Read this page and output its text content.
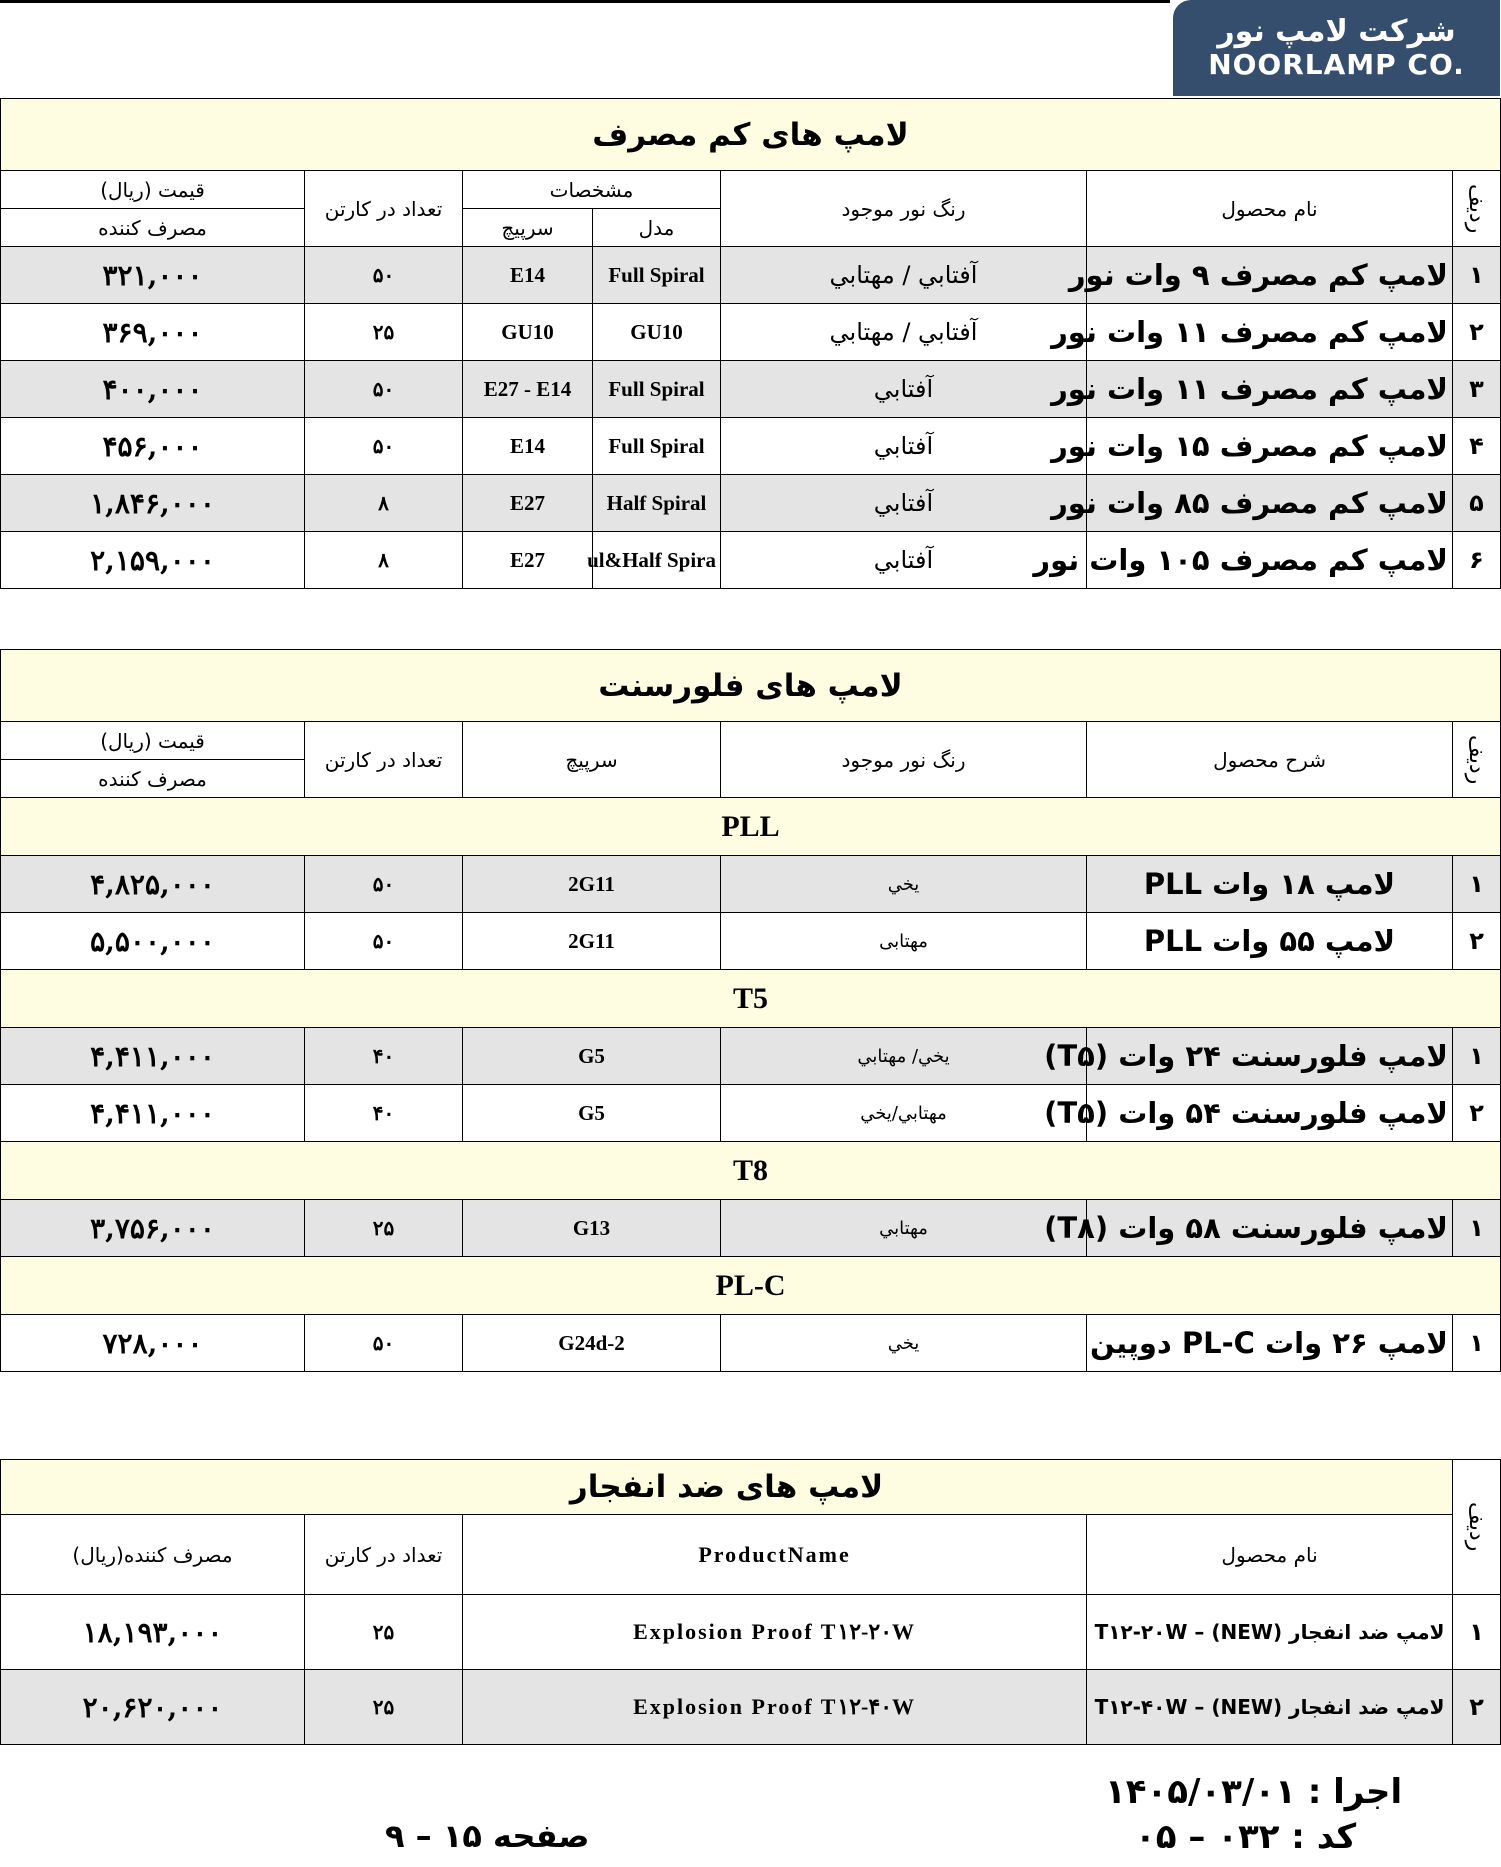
شرکت لامپ نور
NOORLAMP CO.
لامپ های کم مصرف						
ردیف	نام محصول	رنگ نور موجود	مشخصات		تعداد در کارتن	قیمت (ریال)
			مدل	سرپیچ		مصرف کننده
۱	لامپ کم مصرف ۹ وات نور	آفتابي / مهتابي	Full Spiral	E14	۵۰	۳۲۱,۰۰۰
۲	لامپ کم مصرف ۱۱ وات نور	آفتابي / مهتابي	GU10	GU10	۲۵	۳۶۹,۰۰۰
۳	لامپ کم مصرف ۱۱ وات نور	آفتابي	Full Spiral	E27 - E14	۵۰	۴۰۰,۰۰۰
۴	لامپ کم مصرف ۱۵ وات نور	آفتابي	Full Spiral	E14	۵۰	۴۵۶,۰۰۰
۵	لامپ کم مصرف ۸۵ وات نور	آفتابي	Half Spiral	E27	۸	۱,۸۴۶,۰۰۰
۶	لامپ کم مصرف ۱۰۵ وات نور	آفتابي	ul&Half Spira	E27	۸	۲,۱۵۹,۰۰۰
لامپ های فلورسنت					
ردیف	شرح محصول	رنگ نور موجود	سرپیچ	تعداد در کارتن	قیمت (ریال)
					مصرف کننده
PLL					
۱	لامپ ۱۸ وات PLL	يخي	2G11	۵۰	۴,۸۲۵,۰۰۰
۲	لامپ ۵۵ وات PLL	مهتابی	2G11	۵۰	۵,۵۰۰,۰۰۰
T5					
۱	لامپ فلورسنت ۲۴ وات (T۵)	يخي/ مهتابي	G5	۴۰	۴,۴۱۱,۰۰۰
۲	لامپ فلورسنت ۵۴ وات (T۵)	مهتابي/يخي	G5	۴۰	۴,۴۱۱,۰۰۰
T8					
۱	لامپ فلورسنت ۵۸ وات (T۸)	مهتابي	G13	۲۵	۳,۷۵۶,۰۰۰
PL-C					
۱	لامپ ۲۶ وات PL-C دوپین	يخي	G24d-2	۵۰	۷۲۸,۰۰۰
ردیف	لامپ های ضد انفجار			
	نام محصول	ProductName	تعداد در کارتن	مصرف کننده(ریال)
۱	لامپ ضد انفجار (NEW) – T۱۲-۲۰W	Explosion Proof T۱۲-۲۰W	۲۵	۱۸,۱۹۳,۰۰۰
۲	لامپ ضد انفجار (NEW) – T۱۲-۴۰W	Explosion Proof T۱۲-۴۰W	۲۵	۲۰,۶۲۰,۰۰۰
اجرا : ۱۴۰۵/۰۳/۰۱
کد : ۰۳۲ – ۰۵
صفحه ۱۵ – ۹
